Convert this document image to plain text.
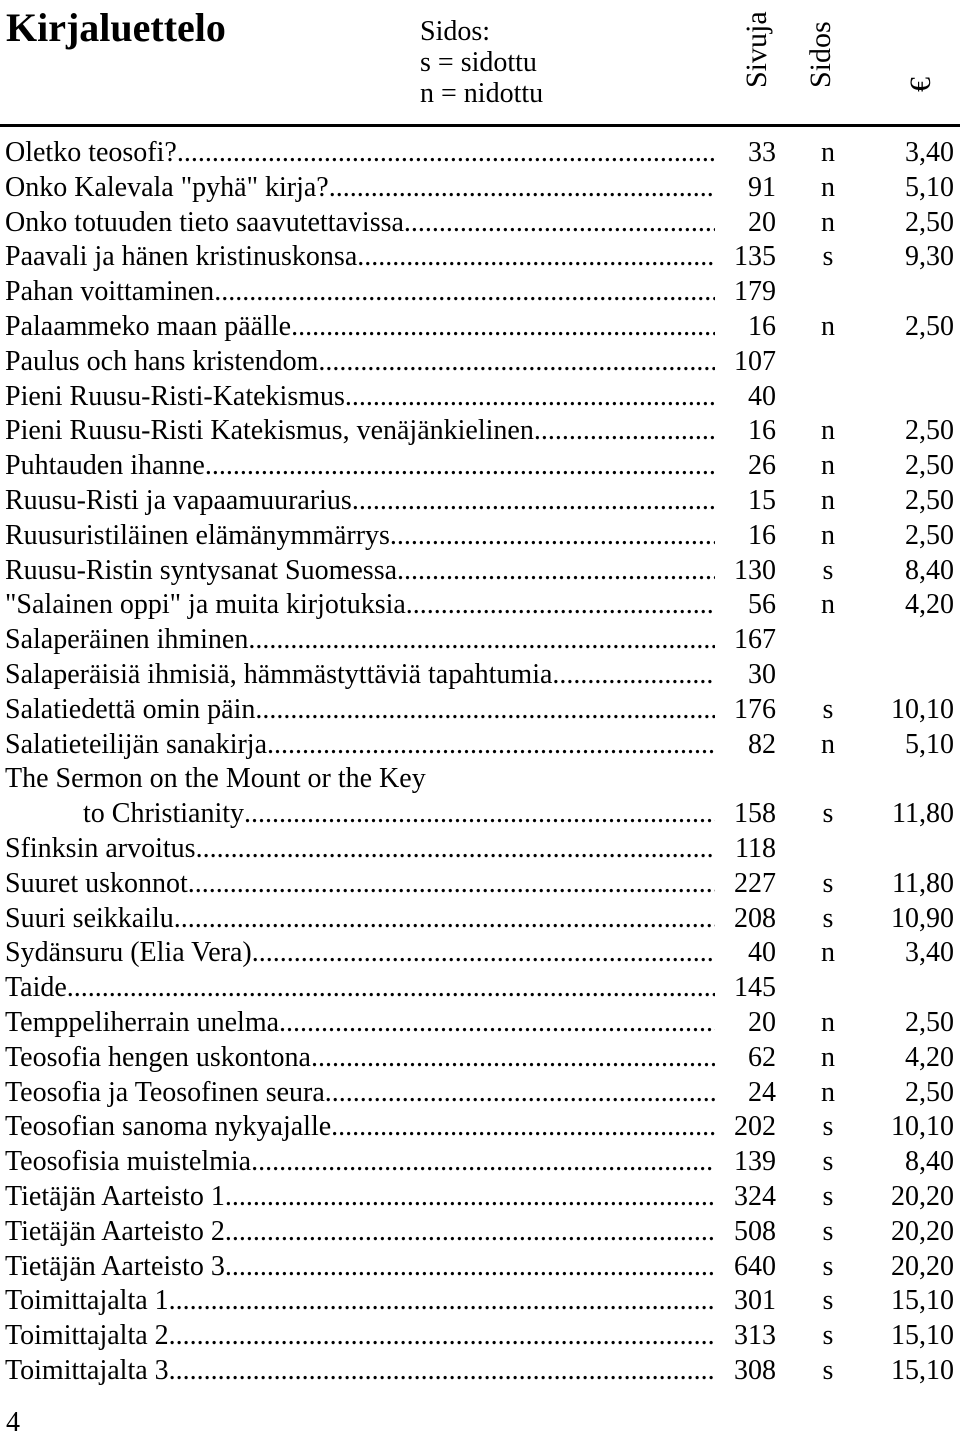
Kirjaluettelo	Sidos:
s = sidottu
n = nidottu
Sivuja Sidos €
Oletko teosofi? .....	33	n	3,40
Onko Kalevala "pyhä" kirja? .....	91	n	5,10
Onko totuuden tieto saavutettavissa .....	20	n	2,50
Paavali ja hänen kristinuskonsa .....	135	s	9,30
Pahan voittaminen .....	179
Palaammeko maan päälle .....	16	n	2,50
Paulus och hans kristendom .....	107
Pieni Ruusu-Risti-Katekismus .....	40
Pieni Ruusu-Risti Katekismus, venäjänkielinen .....	16	n	2,50
Puhtauden ihanne .....	26	n	2,50
Ruusu-Risti ja vapaamuurarius .....	15	n	2,50
Ruusuristiläinen elämänymmärrys .....	16	n	2,50
Ruusu-Ristin syntysanat Suomessa .....	130	s	8,40
"Salainen oppi" ja muita kirjotuksia .....	56	n	4,20
Salaperäinen ihminen .....	167
Salaperäisiä ihmisiä, hämmästyttäviä tapahtumia .....	30
Salatiedettä omin päin .....	176	s	10,10
Salatieteilijän sanakirja .....	82	n	5,10
The Sermon on the Mount or the Key
to Christianity .....	158	s	11,80
Sfinksin arvoitus .....	118
Suuret uskonnot .....	227	s	11,80
Suuri seikkailu .....	208	s	10,90
Sydänsuru (Elia Vera) .....	40	n	3,40
Taide .....	145
Temppeliherrain unelma .....	20	n	2,50
Teosofia hengen uskontona .....	62	n	4,20
Teosofia ja Teosofinen seura .....	24	n	2,50
Teosofian sanoma nykyajalle .....	202	s	10,10
Teosofisia muistelmia .....	139	s	8,40
Tietäjän Aarteisto 1 .....	324	s	20,20
Tietäjän Aarteisto 2 .....	508	s	20,20
Tietäjän Aarteisto 3 .....	640	s	20,20
Toimittajalta 1 .....	301	s	15,10
Toimittajalta 2 .....	313	s	15,10
Toimittajalta 3 .....	308	s	15,10
4
